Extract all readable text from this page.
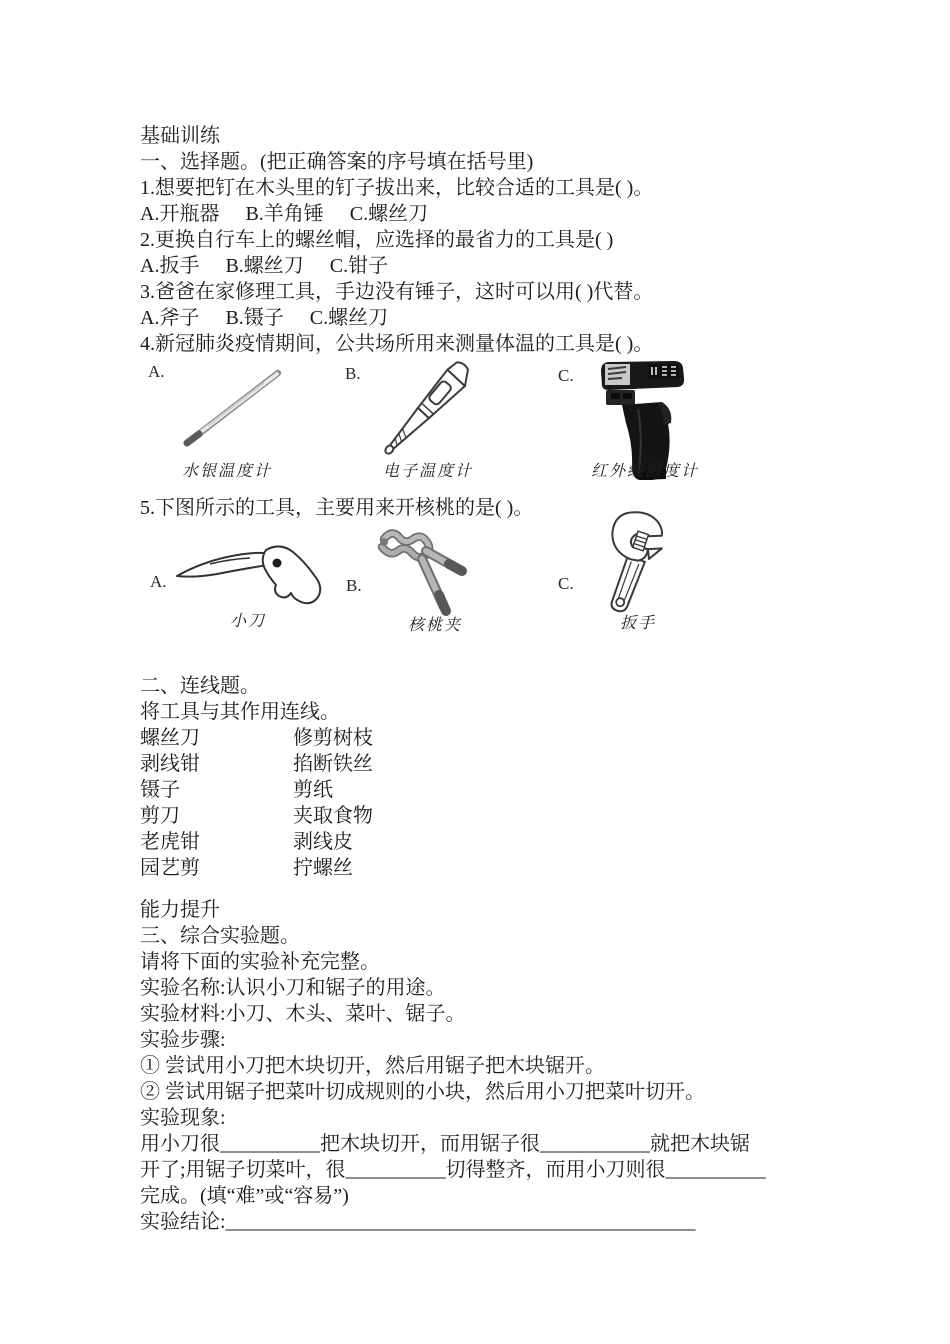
基础训练
一、选择题。(把正确答案的序号填在括号里)
1.想要把钉在木头里的钉子拔出来，比较合适的工具是( )。
A.开瓶器 B.羊角锤 C.螺丝刀
2.更换自行车上的螺丝帽，应选择的最省力的工具是( )
A.扳手 B.螺丝刀 C.钳子
3.爸爸在家修理工具，手边没有锤子，这时可以用( )代替。
A.斧子 B.镊子 C.螺丝刀
4.新冠肺炎疫情期间，公共场所用来测量体温的工具是( )。
A.
水银温度计
B.
电子温度计
C.
红外线温度计
5.下图所示的工具，主要用来开核桃的是( )。
A.
小刀
B.
核桃夹
C.
扳手
二、连线题。
将工具与其作用连线。
螺丝刀	修剪树枝
剥线钳	掐断铁丝
镊子	剪纸
剪刀	夹取食物
老虎钳	剥线皮
园艺剪	拧螺丝
能力提升
三、综合实验题。
请将下面的实验补充完整。
实验名称:认识小刀和锯子的用途。
实验材料:小刀、木头、菜叶、锯子。
实验步骤:
① 尝试用小刀把木块切开，然后用锯子把木块锯开。
② 尝试用锯子把菜叶切成规则的小块，然后用小刀把菜叶切开。
实验现象:
用小刀很__________把木块切开，而用锯子很___________就把木块锯
开了;用锯子切菜叶，很__________切得整齐，而用小刀则很__________
完成。(填“难”或“容易”)
实验结论:_______________________________________________
